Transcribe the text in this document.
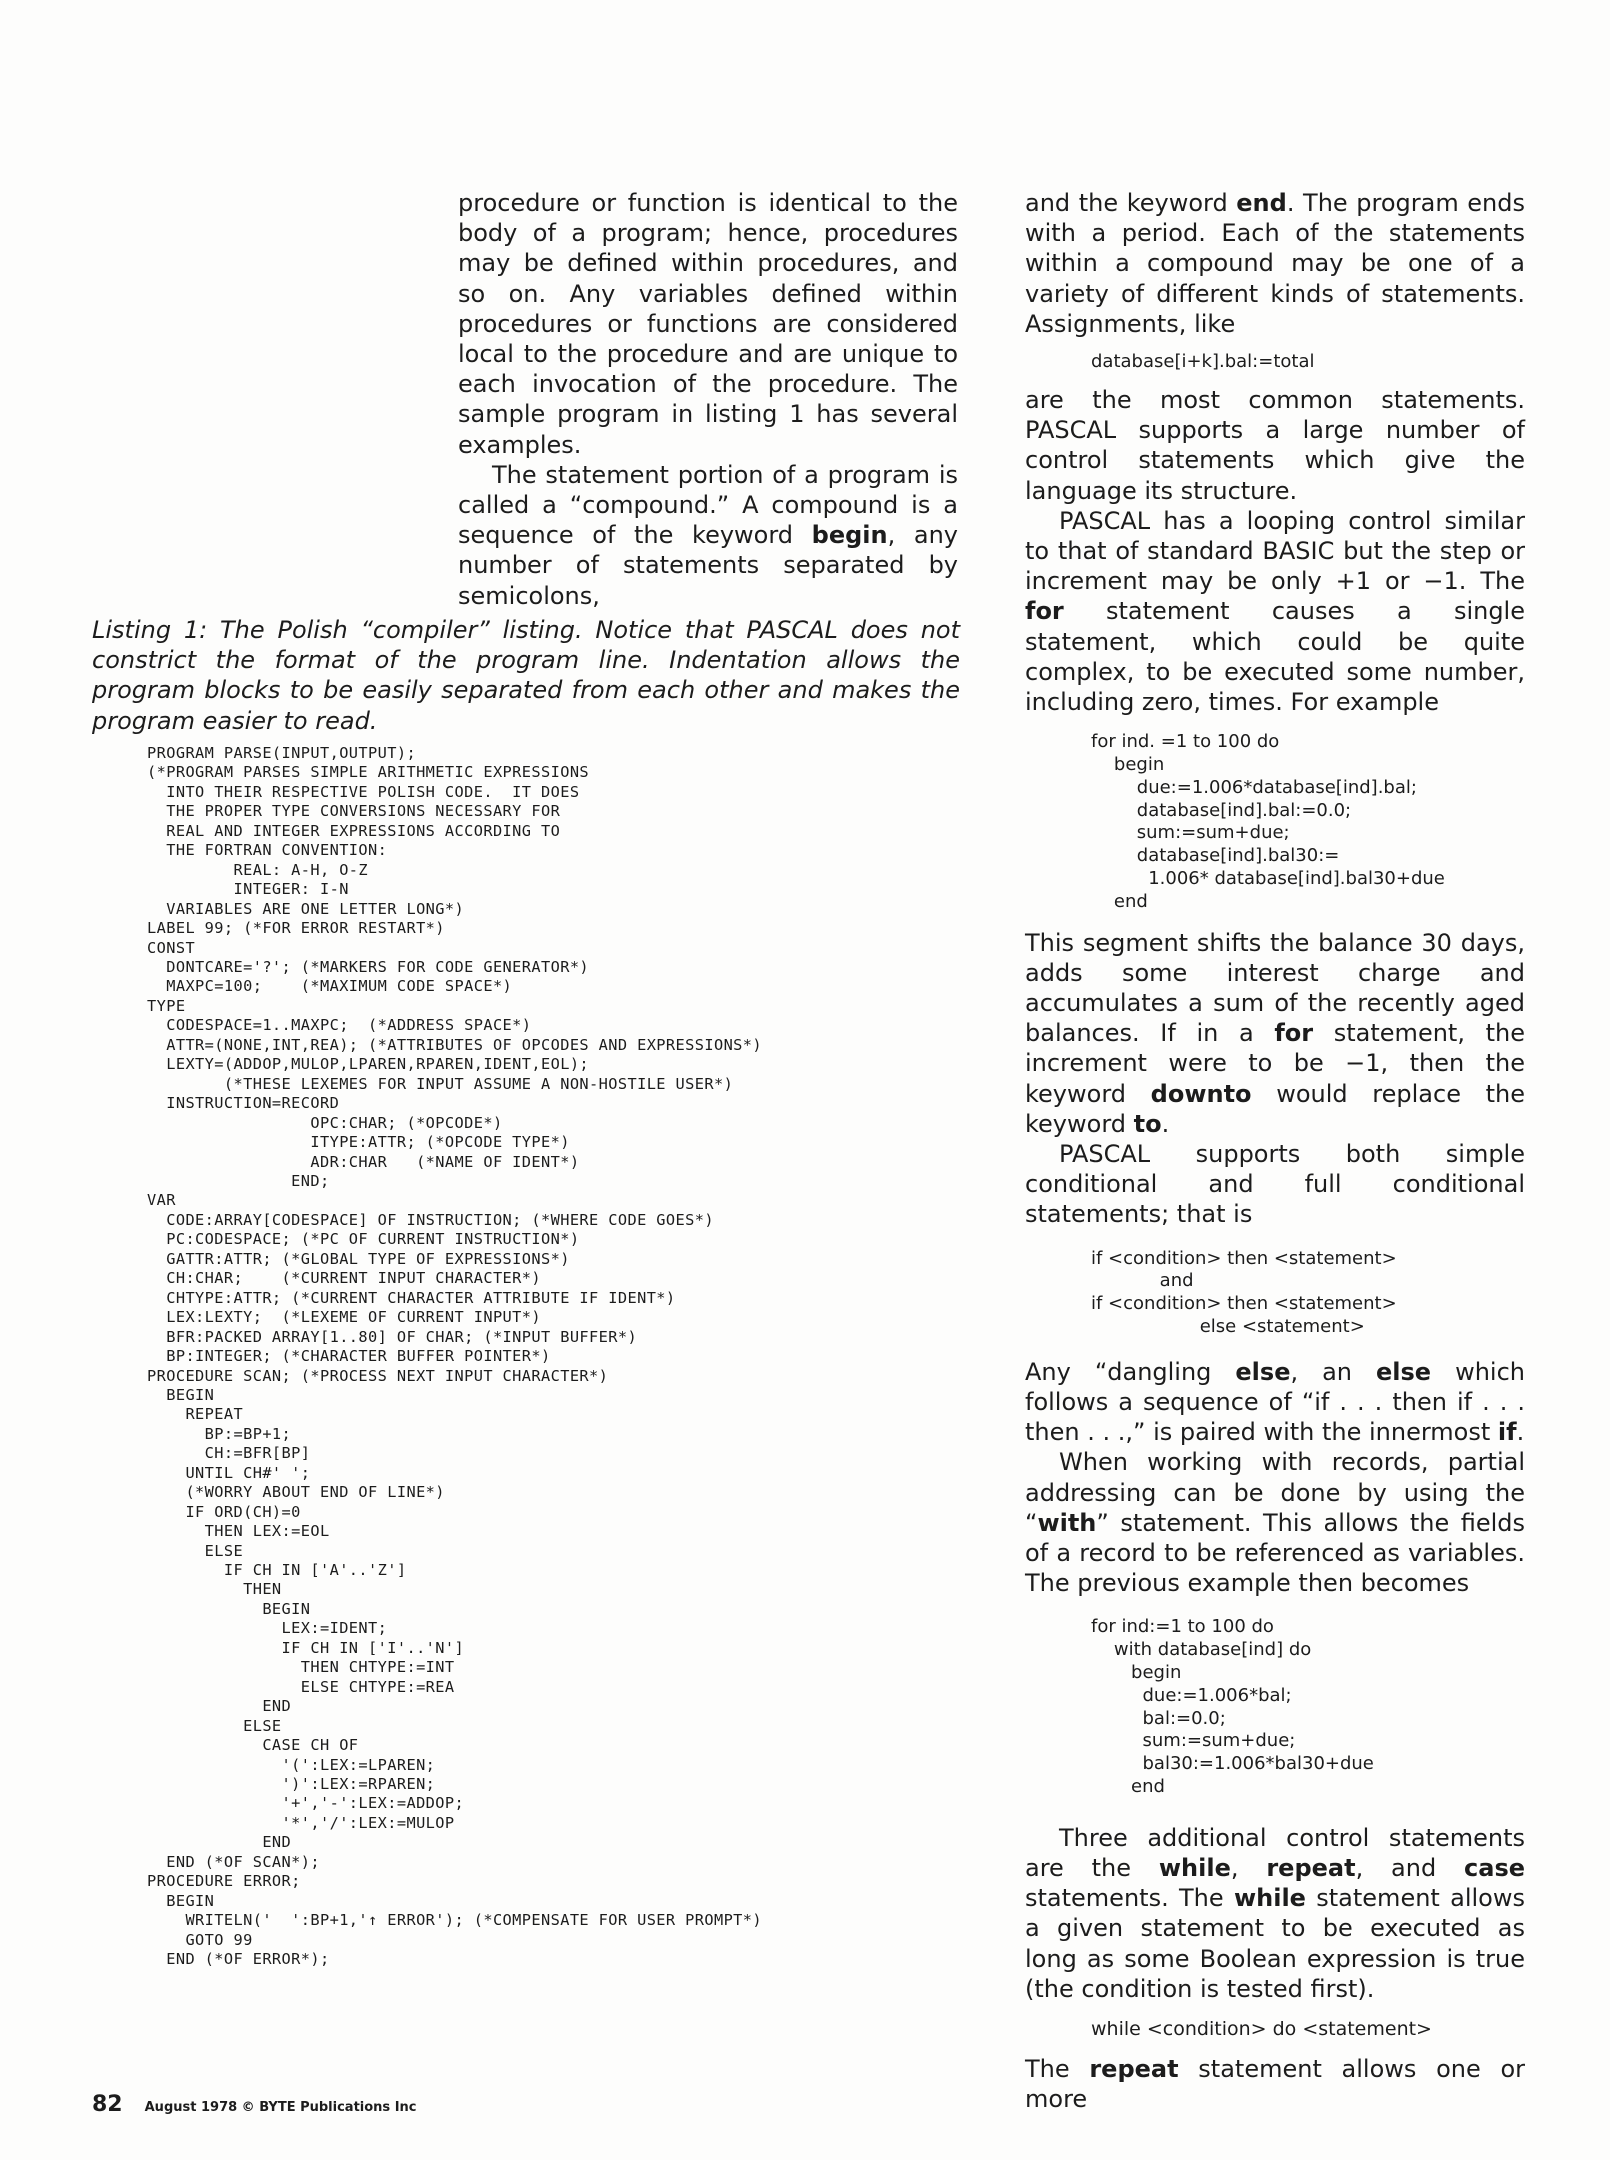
procedure or function is identical to the body of a program; hence, procedures may be defined within procedures, and so on. Any variables defined within procedures or functions are considered local to the procedure and are unique to each invocation of the procedure. The sample program in listing 1 has several examples.

The statement portion of a program is called a “compound.” A compound is a sequence of the keyword begin, any number of statements separated by semicolons,

Listing 1: The Polish “compiler” listing. Notice that PASCAL does not constrict the format of the program line. Indentation allows the program blocks to be easily separated from each other and makes the program easier to read.
PROGRAM PARSE(INPUT,OUTPUT);
(*PROGRAM PARSES SIMPLE ARITHMETIC EXPRESSIONS
INTO THEIR RESPECTIVE POLISH CODE.  IT DOES
THE PROPER TYPE CONVERSIONS NECESSARY FOR
REAL AND INTEGER EXPRESSIONS ACCORDING TO
THE FORTRAN CONVENTION:
REAL: A-H, O-Z
INTEGER: I-N
VARIABLES ARE ONE LETTER LONG*)
LABEL 99; (*FOR ERROR RESTART*)
CONST
DONTCARE='?'; (*MARKERS FOR CODE GENERATOR*)
MAXPC=100;    (*MAXIMUM CODE SPACE*)
TYPE
CODESPACE=1..MAXPC;  (*ADDRESS SPACE*)
ATTR=(NONE,INT,REA); (*ATTRIBUTES OF OPCODES AND EXPRESSIONS*)
LEXTY=(ADDOP,MULOP,LPAREN,RPAREN,IDENT,EOL);
(*THESE LEXEMES FOR INPUT ASSUME A NON-HOSTILE USER*)
INSTRUCTION=RECORD
OPC:CHAR; (*OPCODE*)
ITYPE:ATTR; (*OPCODE TYPE*)
ADR:CHAR   (*NAME OF IDENT*)
END;
VAR
CODE:ARRAY[CODESPACE] OF INSTRUCTION; (*WHERE CODE GOES*)
PC:CODESPACE; (*PC OF CURRENT INSTRUCTION*)
GATTR:ATTR; (*GLOBAL TYPE OF EXPRESSIONS*)
CH:CHAR;    (*CURRENT INPUT CHARACTER*)
CHTYPE:ATTR; (*CURRENT CHARACTER ATTRIBUTE IF IDENT*)
LEX:LEXTY;  (*LEXEME OF CURRENT INPUT*)
BFR:PACKED ARRAY[1..80] OF CHAR; (*INPUT BUFFER*)
BP:INTEGER; (*CHARACTER BUFFER POINTER*)
PROCEDURE SCAN; (*PROCESS NEXT INPUT CHARACTER*)
BEGIN
REPEAT
BP:=BP+1;
CH:=BFR[BP]
UNTIL CH#' ';
(*WORRY ABOUT END OF LINE*)
IF ORD(CH)=0
THEN LEX:=EOL
ELSE
IF CH IN ['A'..'Z']
THEN
BEGIN
LEX:=IDENT;
IF CH IN ['I'..'N']
THEN CHTYPE:=INT
ELSE CHTYPE:=REA
END
ELSE
CASE CH OF
'(':LEX:=LPAREN;
')':LEX:=RPAREN;
'+','-':LEX:=ADDOP;
'*','/':LEX:=MULOP
END
END (*OF SCAN*);
PROCEDURE ERROR;
BEGIN
WRITELN('  ':BP+1,'↑ ERROR'); (*COMPENSATE FOR USER PROMPT*)
GOTO 99
END (*OF ERROR*);

and the keyword end. The program ends with a period. Each of the statements within a compound may be one of a variety of different kinds of statements. Assignments, like

database[i+k].bal:=total

are the most common statements. PASCAL supports a large number of control statements which give the language its structure.

PASCAL has a looping control similar to that of standard BASIC but the step or increment may be only +1 or −1. The for statement causes a single statement, which could be quite complex, to be executed some number, including zero, times. For example

for ind. =1 to 100 do
begin
due:=1.006*database[ind].bal;
database[ind].bal:=0.0;
sum:=sum+due;
database[ind].bal30:=
1.006* database[ind].bal30+due
end

This segment shifts the balance 30 days, adds some interest charge and accumulates a sum of the recently aged balances. If in a for statement, the increment were to be −1, then the keyword downto would replace the keyword to.

PASCAL supports both simple conditional and full conditional statements; that is

if <condition> then <statement>
and
if <condition> then <statement>
else <statement>

Any “dangling else, an else which follows a sequence of “if . . . then if . . . then . . .,” is paired with the innermost if.

When working with records, partial addressing can be done by using the “with” statement. This allows the fields of a record to be referenced as variables. The previous example then becomes

for ind:=1 to 100 do
with database[ind] do
begin
due:=1.006*bal;
bal:=0.0;
sum:=sum+due;
bal30:=1.006*bal30+due
end

Three additional control statements are the while, repeat, and case statements. The while statement allows a given statement to be executed as long as some Boolean expression is true (the condition is tested first).

while <condition> do <statement>

The repeat statement allows one or more

82 August 1978 © BYTE Publications Inc
